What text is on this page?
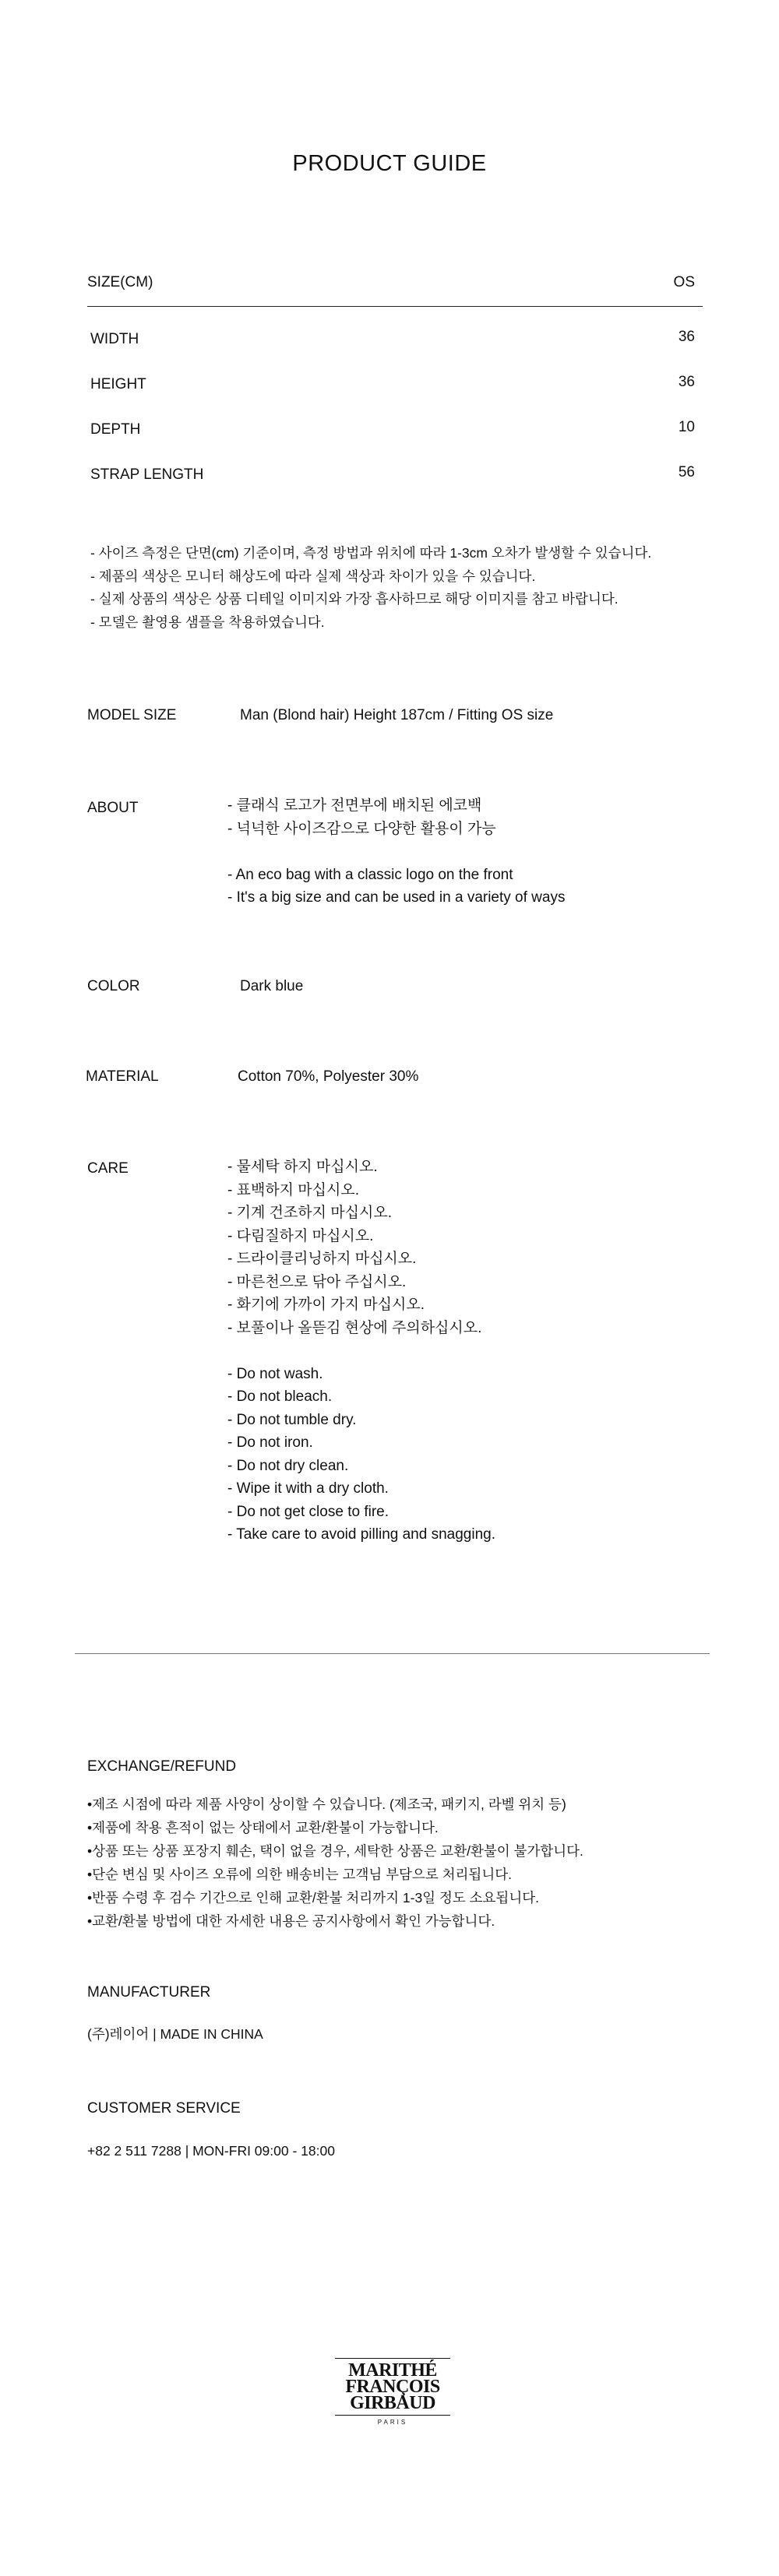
PRODUCT GUIDE
SIZE(CM)	OS
WIDTH	36
HEIGHT	36
DEPTH	10
STRAP LENGTH	56
- 사이즈 측정은 단면(cm) 기준이며, 측정 방법과 위치에 따라 1-3cm 오차가 발생할 수 있습니다.
- 제품의 색상은 모니터 해상도에 따라 실제 색상과 차이가 있을 수 있습니다.
- 실제 상품의 색상은 상품 디테일 이미지와 가장 흡사하므로 해당 이미지를 참고 바랍니다.
- 모델은 촬영용 샘플을 착용하였습니다.
MODEL SIZE	Man (Blond hair) Height 187cm / Fitting OS size
ABOUT	- 클래식 로고가 전면부에 배치된 에코백
- 넉넉한 사이즈감으로 다양한 활용이 가능
- An eco bag with a classic logo on the front
- It's a big size and can be used in a variety of ways
COLOR	Dark blue
MATERIAL	Cotton 70%, Polyester 30%
CARE	- 물세탁 하지 마십시오.
- 표백하지 마십시오.
- 기계 건조하지 마십시오.
- 다림질하지 마십시오.
- 드라이클리닝하지 마십시오.
- 마른천으로 닦아 주십시오.
- 화기에 가까이 가지 마십시오.
- 보풀이나 올뜯김 현상에 주의하십시오.
- Do not wash.
- Do not bleach.
- Do not tumble dry.
- Do not iron.
- Do not dry clean.
- Wipe it with a dry cloth.
- Do not get close to fire.
- Take care to avoid pilling and snagging.
EXCHANGE/REFUND
•제조 시점에 따라 제품 사양이 상이할 수 있습니다. (제조국, 패키지, 라벨 위치 등)
•제품에 착용 흔적이 없는 상태에서 교환/환불이 가능합니다.
•상품 또는 상품 포장지 훼손, 택이 없을 경우, 세탁한 상품은 교환/환불이 불가합니다.
•단순 변심 및 사이즈 오류에 의한 배송비는 고객님 부담으로 처리됩니다.
•반품 수령 후 검수 기간으로 인해 교환/환불 처리까지 1-3일 정도 소요됩니다.
•교환/환불 방법에 대한 자세한 내용은 공지사항에서 확인 가능합니다.
MANUFACTURER
(주)레이어 | MADE IN CHINA
CUSTOMER SERVICE
+82 2 511 7288 | MON-FRI 09:00 - 18:00
MARITHÉ
FRANÇOIS
GIRBAUD
PARIS
